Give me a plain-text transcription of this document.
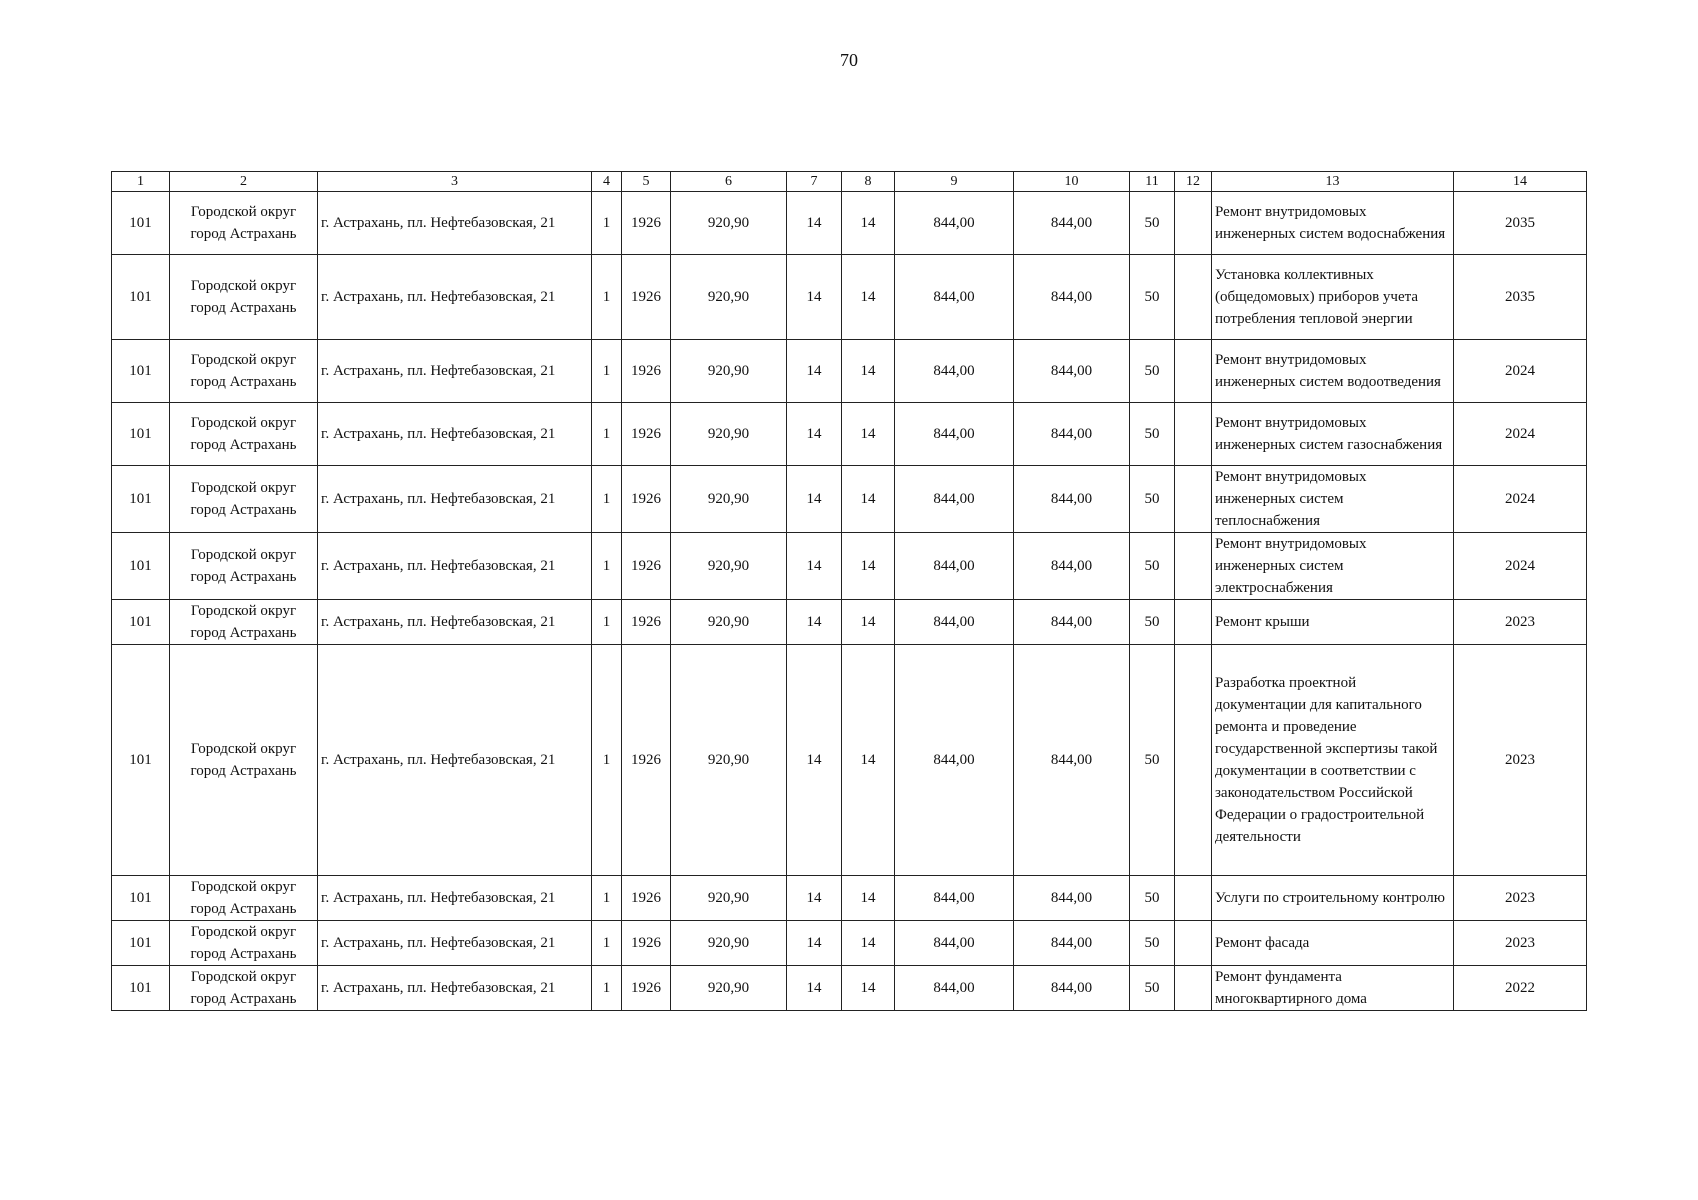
70
1	2	3	4	5	6	7	8	9	10	11	12	13	14
101	Городской округ город Астрахань	г. Астрахань, пл. Нефтебазовская, 21	1	1926	920,90	14	14	844,00	844,00	50		Ремонт внутридомовых инженерных систем водоснабжения	2035
101	Городской округ город Астрахань	г. Астрахань, пл. Нефтебазовская, 21	1	1926	920,90	14	14	844,00	844,00	50		Установка коллективных (общедомовых) приборов учета потребления тепловой энергии	2035
101	Городской округ город Астрахань	г. Астрахань, пл. Нефтебазовская, 21	1	1926	920,90	14	14	844,00	844,00	50		Ремонт внутридомовых инженерных систем водоотведения	2024
101	Городской округ город Астрахань	г. Астрахань, пл. Нефтебазовская, 21	1	1926	920,90	14	14	844,00	844,00	50		Ремонт внутридомовых инженерных систем газоснабжения	2024
101	Городской округ город Астрахань	г. Астрахань, пл. Нефтебазовская, 21	1	1926	920,90	14	14	844,00	844,00	50		Ремонт внутридомовых инженерных систем теплоснабжения	2024
101	Городской округ город Астрахань	г. Астрахань, пл. Нефтебазовская, 21	1	1926	920,90	14	14	844,00	844,00	50		Ремонт внутридомовых инженерных систем электроснабжения	2024
101	Городской округ город Астрахань	г. Астрахань, пл. Нефтебазовская, 21	1	1926	920,90	14	14	844,00	844,00	50		Ремонт крыши	2023
101	Городской округ город Астрахань	г. Астрахань, пл. Нефтебазовская, 21	1	1926	920,90	14	14	844,00	844,00	50		Разработка проектной документации для капитального ремонта и проведение государственной экспертизы такой документации в соответствии с законодательством Российской Федерации о градостроительной деятельности	2023
101	Городской округ город Астрахань	г. Астрахань, пл. Нефтебазовская, 21	1	1926	920,90	14	14	844,00	844,00	50		Услуги по строительному контролю	2023
101	Городской округ город Астрахань	г. Астрахань, пл. Нефтебазовская, 21	1	1926	920,90	14	14	844,00	844,00	50		Ремонт фасада	2023
101	Городской округ город Астрахань	г. Астрахань, пл. Нефтебазовская, 21	1	1926	920,90	14	14	844,00	844,00	50		Ремонт фундамента многоквартирного дома	2022
